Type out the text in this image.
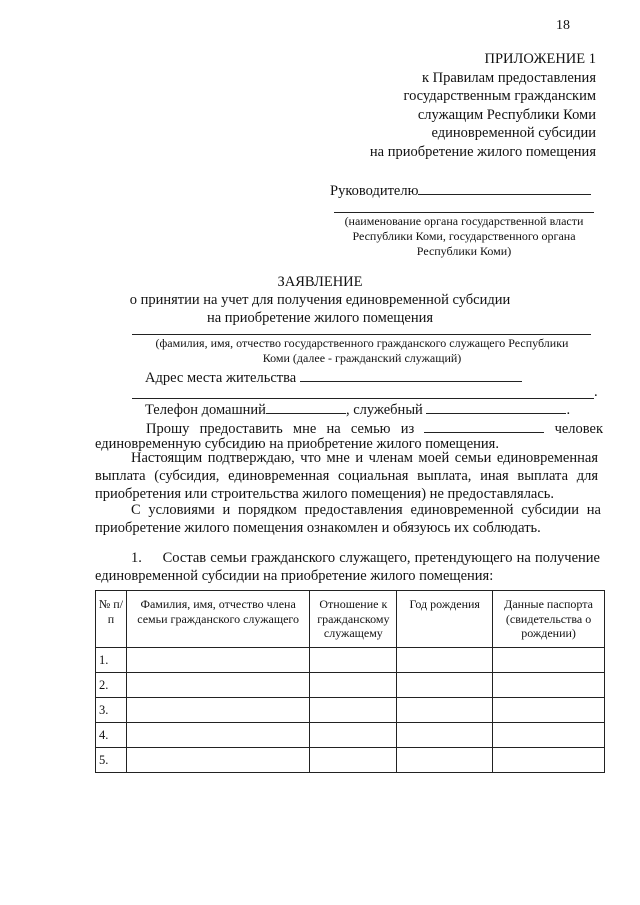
18
ПРИЛОЖЕНИЕ 1
к Правилам предоставления
государственным гражданским
служащим Республики Коми
единовременной субсидии
на приобретение жилого помещения
Руководителю
(наименование органа государственной власти
Республики Коми, государственного органа
Республики Коми)
ЗАЯВЛЕНИЕ
о принятии на учет для получения единовременной субсидии
на приобретение жилого помещения
(фамилия, имя, отчество государственного гражданского служащего Республики
Коми (далее - гражданский служащий)
Адрес места жительства
.
Телефон домашний	, служебный	.
Прошу предоставить мне на семью из	человек
единовременную субсидию на приобретение жилого помещения.
Настоящим подтверждаю, что мне и членам моей семьи единовременная выплата (субсидия, единовременная социальная выплата, иная выплата для приобретения или строительства жилого помещения) не предоставлялась.
С условиями и порядком предоставления единовременной субсидии на приобретение жилого помещения ознакомлен и обязуюсь их соблюдать.
1. Состав семьи гражданского служащего, претендующего на получение единовременной субсидии на приобретение жилого помещения:
№ п/п	Фамилия, имя, отчество члена семьи гражданского служащего	Отношение к гражданскому служащему	Год рождения	Данные паспорта (свидетельства о рождении)
1.				
2.				
3.				
4.				
5.				
